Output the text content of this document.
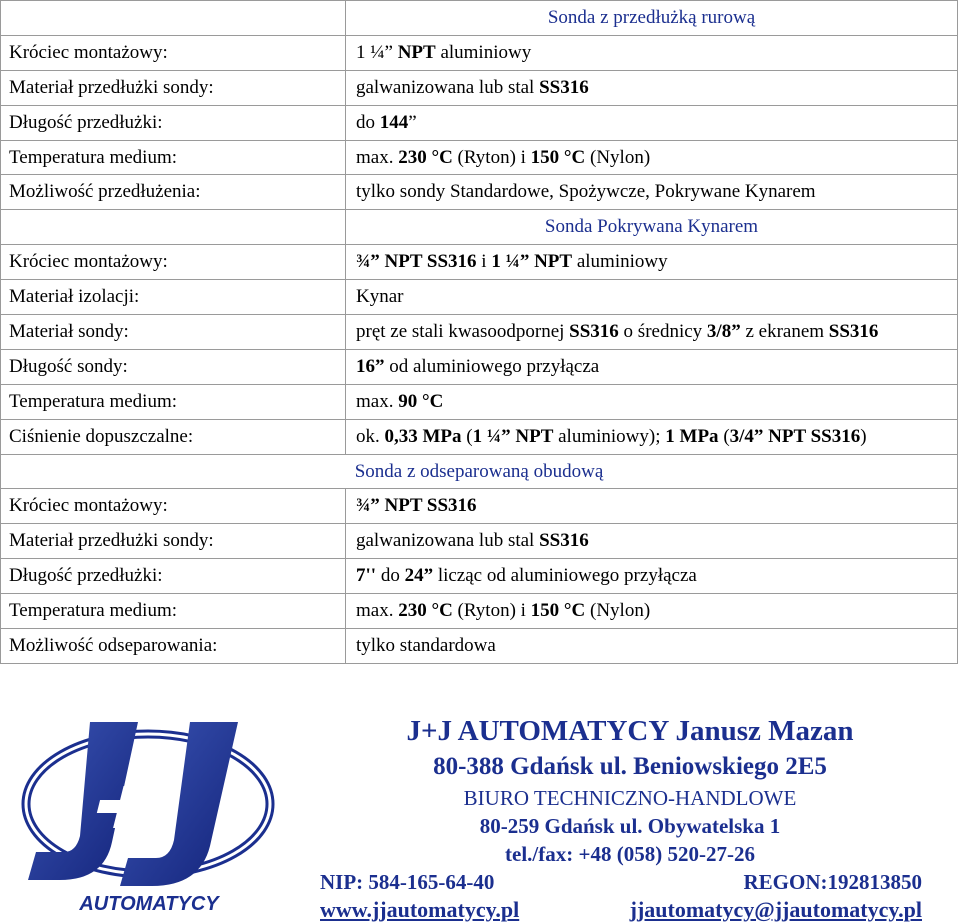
	Sonda z przedłużką rurową
Króciec montażowy:	1 ¼” NPT aluminiowy
Materiał przedłużki sondy:	galwanizowana lub stal SS316
Długość przedłużki:	do 144”
Temperatura medium:	max. 230 °C (Ryton) i 150 °C (Nylon)
Możliwość przedłużenia:	tylko sondy Standardowe, Spożywcze, Pokrywane Kynarem
	Sonda Pokrywana Kynarem
Króciec montażowy:	¾” NPT SS316 i 1 ¼” NPT aluminiowy
Materiał izolacji:	Kynar
Materiał sondy:	pręt ze stali kwasoodpornej SS316 o średnicy 3/8” z ekranem SS316
Długość sondy:	16” od aluminiowego przyłącza
Temperatura medium:	max. 90 °C
Ciśnienie dopuszczalne:	ok. 0,33 MPa (1 ¼” NPT aluminiowy); 1 MPa (3/4” NPT SS316)
Sonda z odseparowaną obudową	
Króciec montażowy:	¾” NPT SS316
Materiał przedłużki sondy:	galwanizowana lub stal SS316
Długość przedłużki:	7'' do 24” licząc od aluminiowego przyłącza
Temperatura medium:	max. 230 °C (Ryton) i 150 °C (Nylon)
Możliwość odseparowania:	tylko standardowa
AUTOMATYCY
J+J AUTOMATYCY Janusz Mazan
80-388 Gdańsk ul. Beniowskiego 2E5
BIURO TECHNICZNO-HANDLOWE
80-259 Gdańsk ul. Obywatelska 1
tel./fax: +48 (058) 520-27-26
NIP: 584-165-64-40	REGON:192813850
www.jjautomatycy.pl	jjautomatycy@jjautomatycy.pl
